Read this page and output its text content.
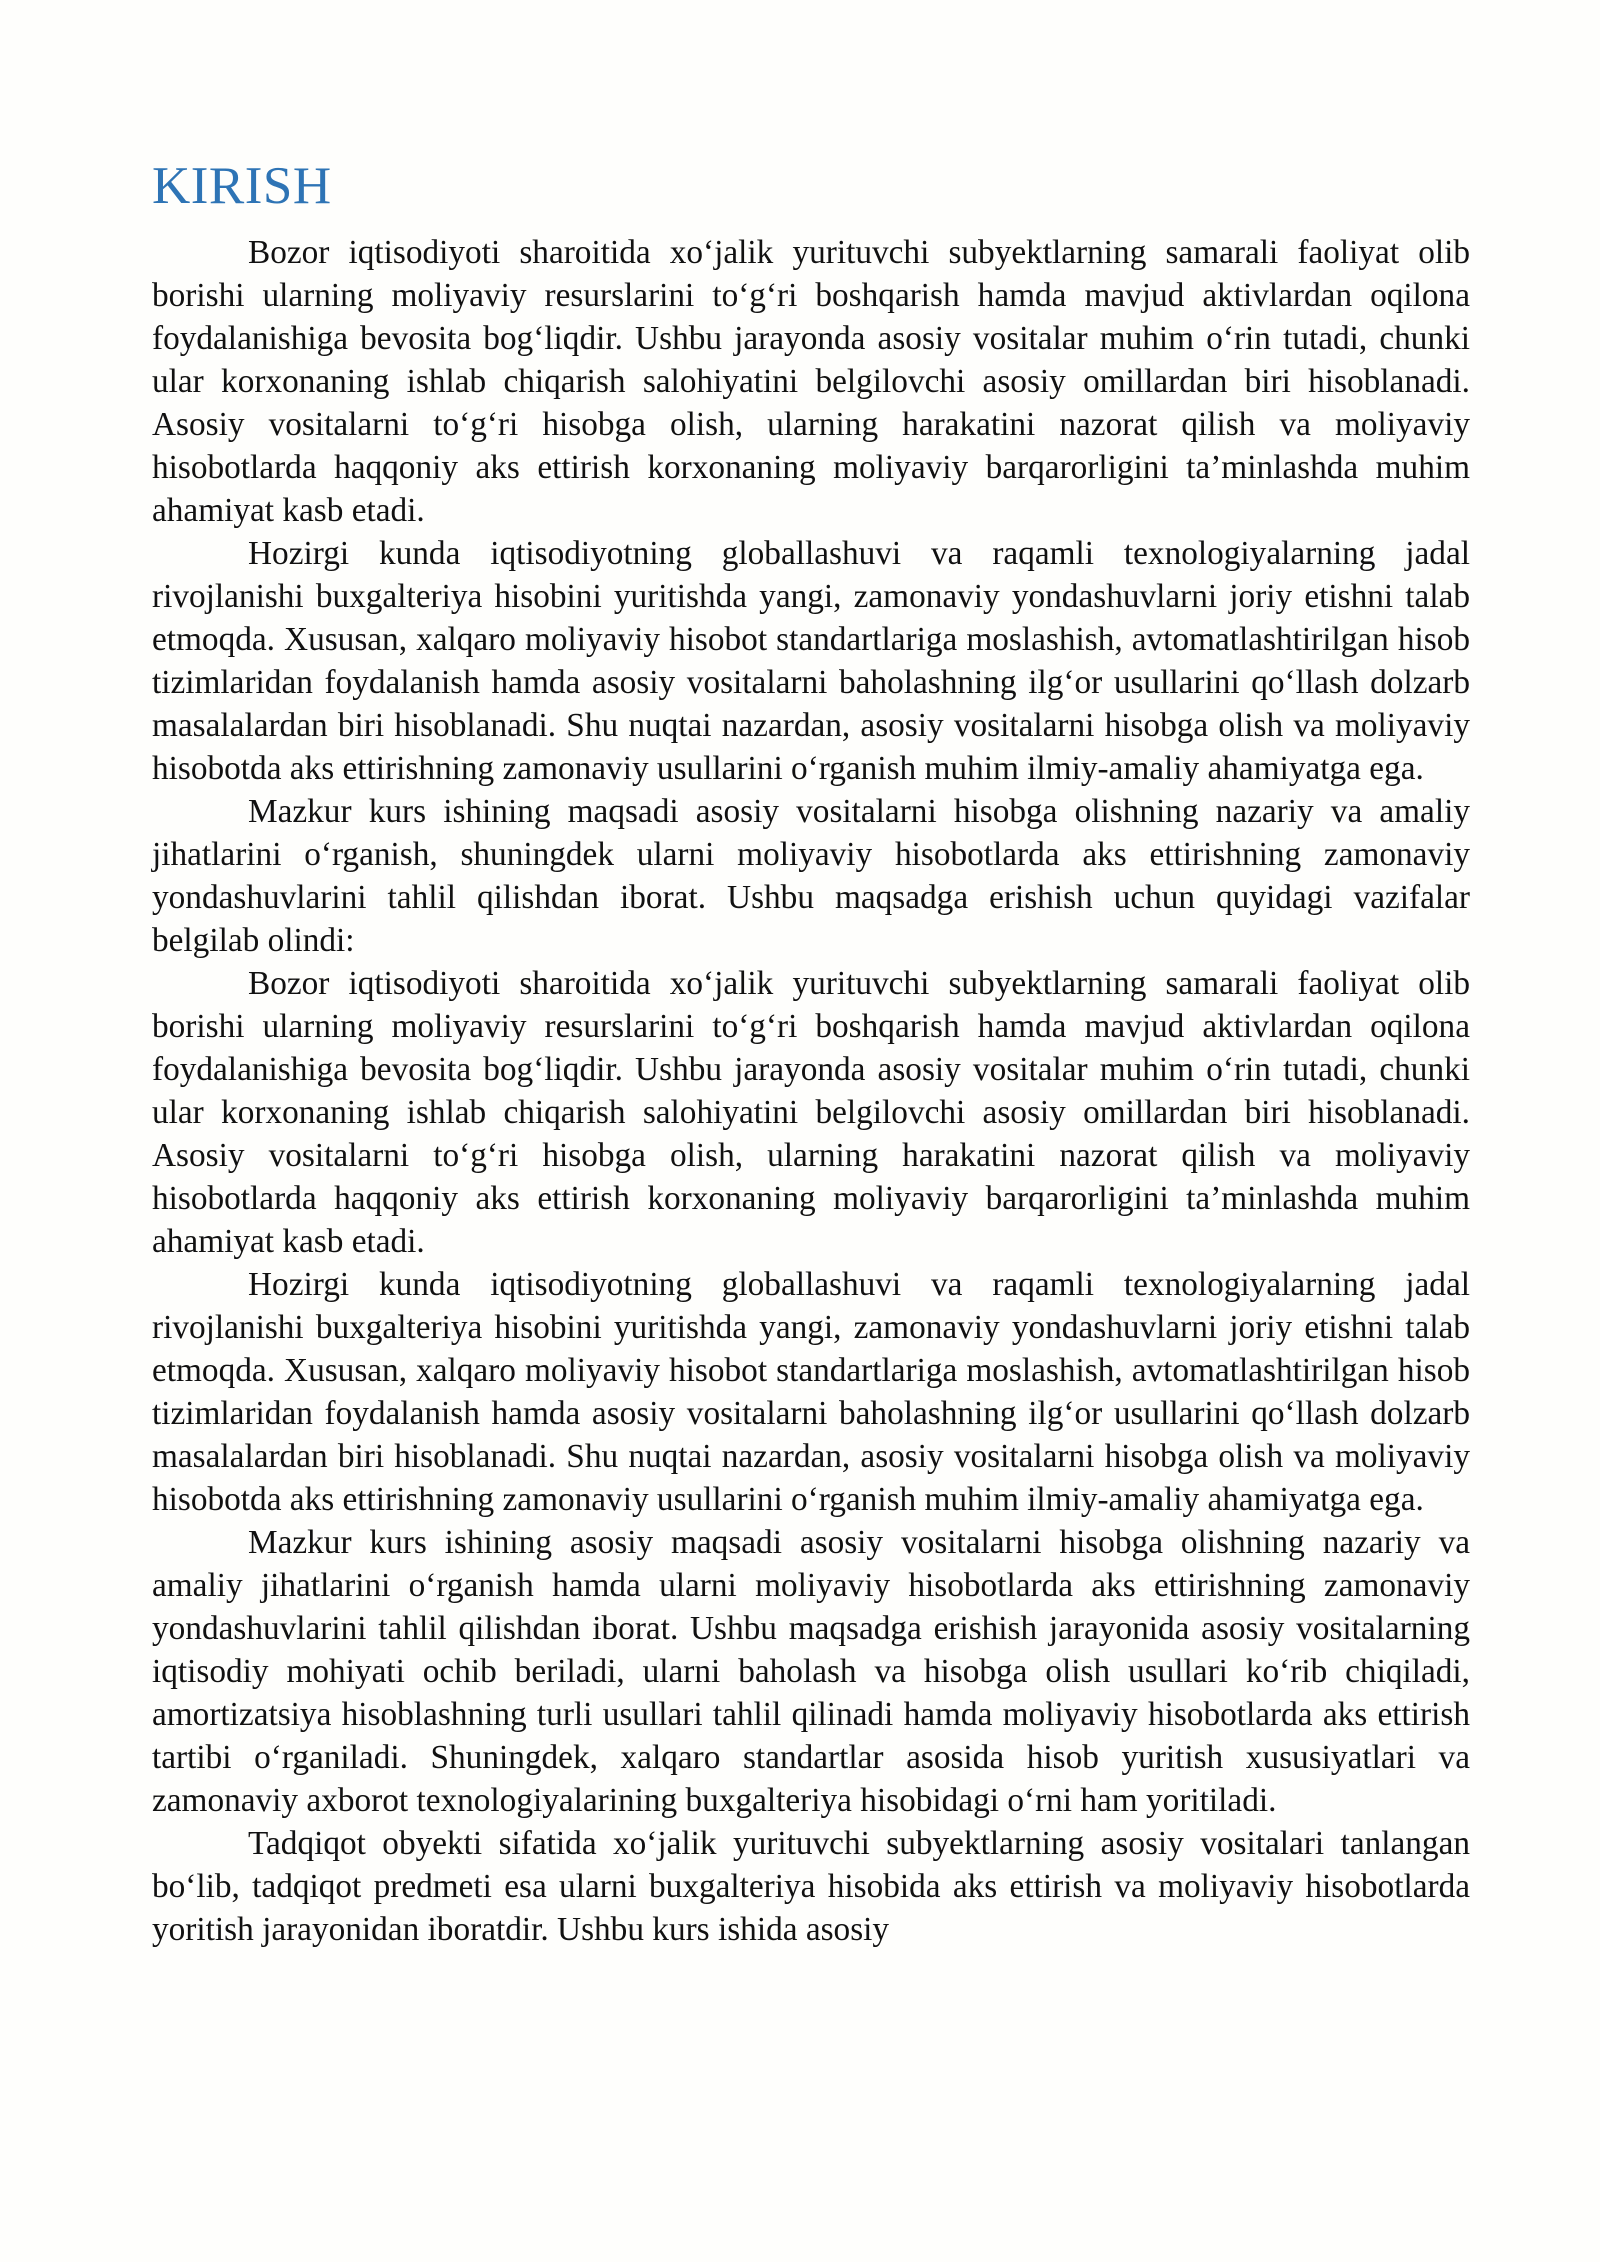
KIRISH

Bozor iqtisodiyoti sharoitida xo‘jalik yurituvchi subyektlarning samarali faoliyat olib borishi ularning moliyaviy resurslarini to‘g‘ri boshqarish hamda mavjud aktivlardan oqilona foydalanishiga bevosita bog‘liqdir. Ushbu jarayonda asosiy vositalar muhim o‘rin tutadi, chunki ular korxonaning ishlab chiqarish salohiyatini belgilovchi asosiy omillardan biri hisoblanadi. Asosiy vositalarni to‘g‘ri hisobga olish, ularning harakatini nazorat qilish va moliyaviy hisobotlarda haqqoniy aks ettirish korxonaning moliyaviy barqarorligini ta’minlashda muhim ahamiyat kasb etadi.

Hozirgi kunda iqtisodiyotning globallashuvi va raqamli texnologiyalarning jadal rivojlanishi buxgalteriya hisobini yuritishda yangi, zamonaviy yondashuvlarni joriy etishni talab etmoqda. Xususan, xalqaro moliyaviy hisobot standartlariga moslashish, avtomatlashtirilgan hisob tizimlaridan foydalanish hamda asosiy vositalarni baholashning ilg‘or usullarini qo‘llash dolzarb masalalardan biri hisoblanadi. Shu nuqtai nazardan, asosiy vositalarni hisobga olish va moliyaviy hisobotda aks ettirishning zamonaviy usullarini o‘rganish muhim ilmiy-amaliy ahamiyatga ega.

Mazkur kurs ishining maqsadi asosiy vositalarni hisobga olishning nazariy va amaliy jihatlarini o‘rganish, shuningdek ularni moliyaviy hisobotlarda aks ettirishning zamonaviy yondashuvlarini tahlil qilishdan iborat. Ushbu maqsadga erishish uchun quyidagi vazifalar belgilab olindi:

Bozor iqtisodiyoti sharoitida xo‘jalik yurituvchi subyektlarning samarali faoliyat olib borishi ularning moliyaviy resurslarini to‘g‘ri boshqarish hamda mavjud aktivlardan oqilona foydalanishiga bevosita bog‘liqdir. Ushbu jarayonda asosiy vositalar muhim o‘rin tutadi, chunki ular korxonaning ishlab chiqarish salohiyatini belgilovchi asosiy omillardan biri hisoblanadi. Asosiy vositalarni to‘g‘ri hisobga olish, ularning harakatini nazorat qilish va moliyaviy hisobotlarda haqqoniy aks ettirish korxonaning moliyaviy barqarorligini ta’minlashda muhim ahamiyat kasb etadi.

Hozirgi kunda iqtisodiyotning globallashuvi va raqamli texnologiyalarning jadal rivojlanishi buxgalteriya hisobini yuritishda yangi, zamonaviy yondashuvlarni joriy etishni talab etmoqda. Xususan, xalqaro moliyaviy hisobot standartlariga moslashish, avtomatlashtirilgan hisob tizimlaridan foydalanish hamda asosiy vositalarni baholashning ilg‘or usullarini qo‘llash dolzarb masalalardan biri hisoblanadi. Shu nuqtai nazardan, asosiy vositalarni hisobga olish va moliyaviy hisobotda aks ettirishning zamonaviy usullarini o‘rganish muhim ilmiy-amaliy ahamiyatga ega.

Mazkur kurs ishining asosiy maqsadi asosiy vositalarni hisobga olishning nazariy va amaliy jihatlarini o‘rganish hamda ularni moliyaviy hisobotlarda aks ettirishning zamonaviy yondashuvlarini tahlil qilishdan iborat. Ushbu maqsadga erishish jarayonida asosiy vositalarning iqtisodiy mohiyati ochib beriladi, ularni baholash va hisobga olish usullari ko‘rib chiqiladi, amortizatsiya hisoblashning turli usullari tahlil qilinadi hamda moliyaviy hisobotlarda aks ettirish tartibi o‘rganiladi. Shuningdek, xalqaro standartlar asosida hisob yuritish xususiyatlari va zamonaviy axborot texnologiyalarining buxgalteriya hisobidagi o‘rni ham yoritiladi.

Tadqiqot obyekti sifatida xo‘jalik yurituvchi subyektlarning asosiy vositalari tanlangan bo‘lib, tadqiqot predmeti esa ularni buxgalteriya hisobida aks ettirish va moliyaviy hisobotlarda yoritish jarayonidan iboratdir. Ushbu kurs ishida asosiy
